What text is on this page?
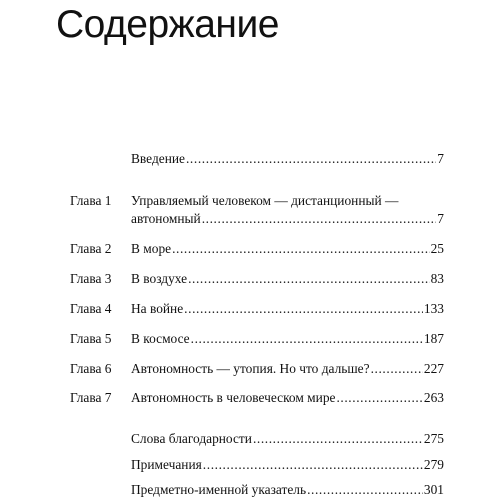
Содержание
Введение .....	7
Глава 1 Управляемый человеком — дистанционный —
автономный .....	7
Глава 2 В море .....	25
Глава 3 В воздухе .....	83
Глава 4 На войне .....	133
Глава 5 В космосе .....	187
Глава 6 Автономность — утопия. Но что дальше? .....	227
Глава 7 Автономность в человеческом мире .....	263
Слова благодарности .....	275
Примечания .....	279
Предметно-именной указатель .....	301
